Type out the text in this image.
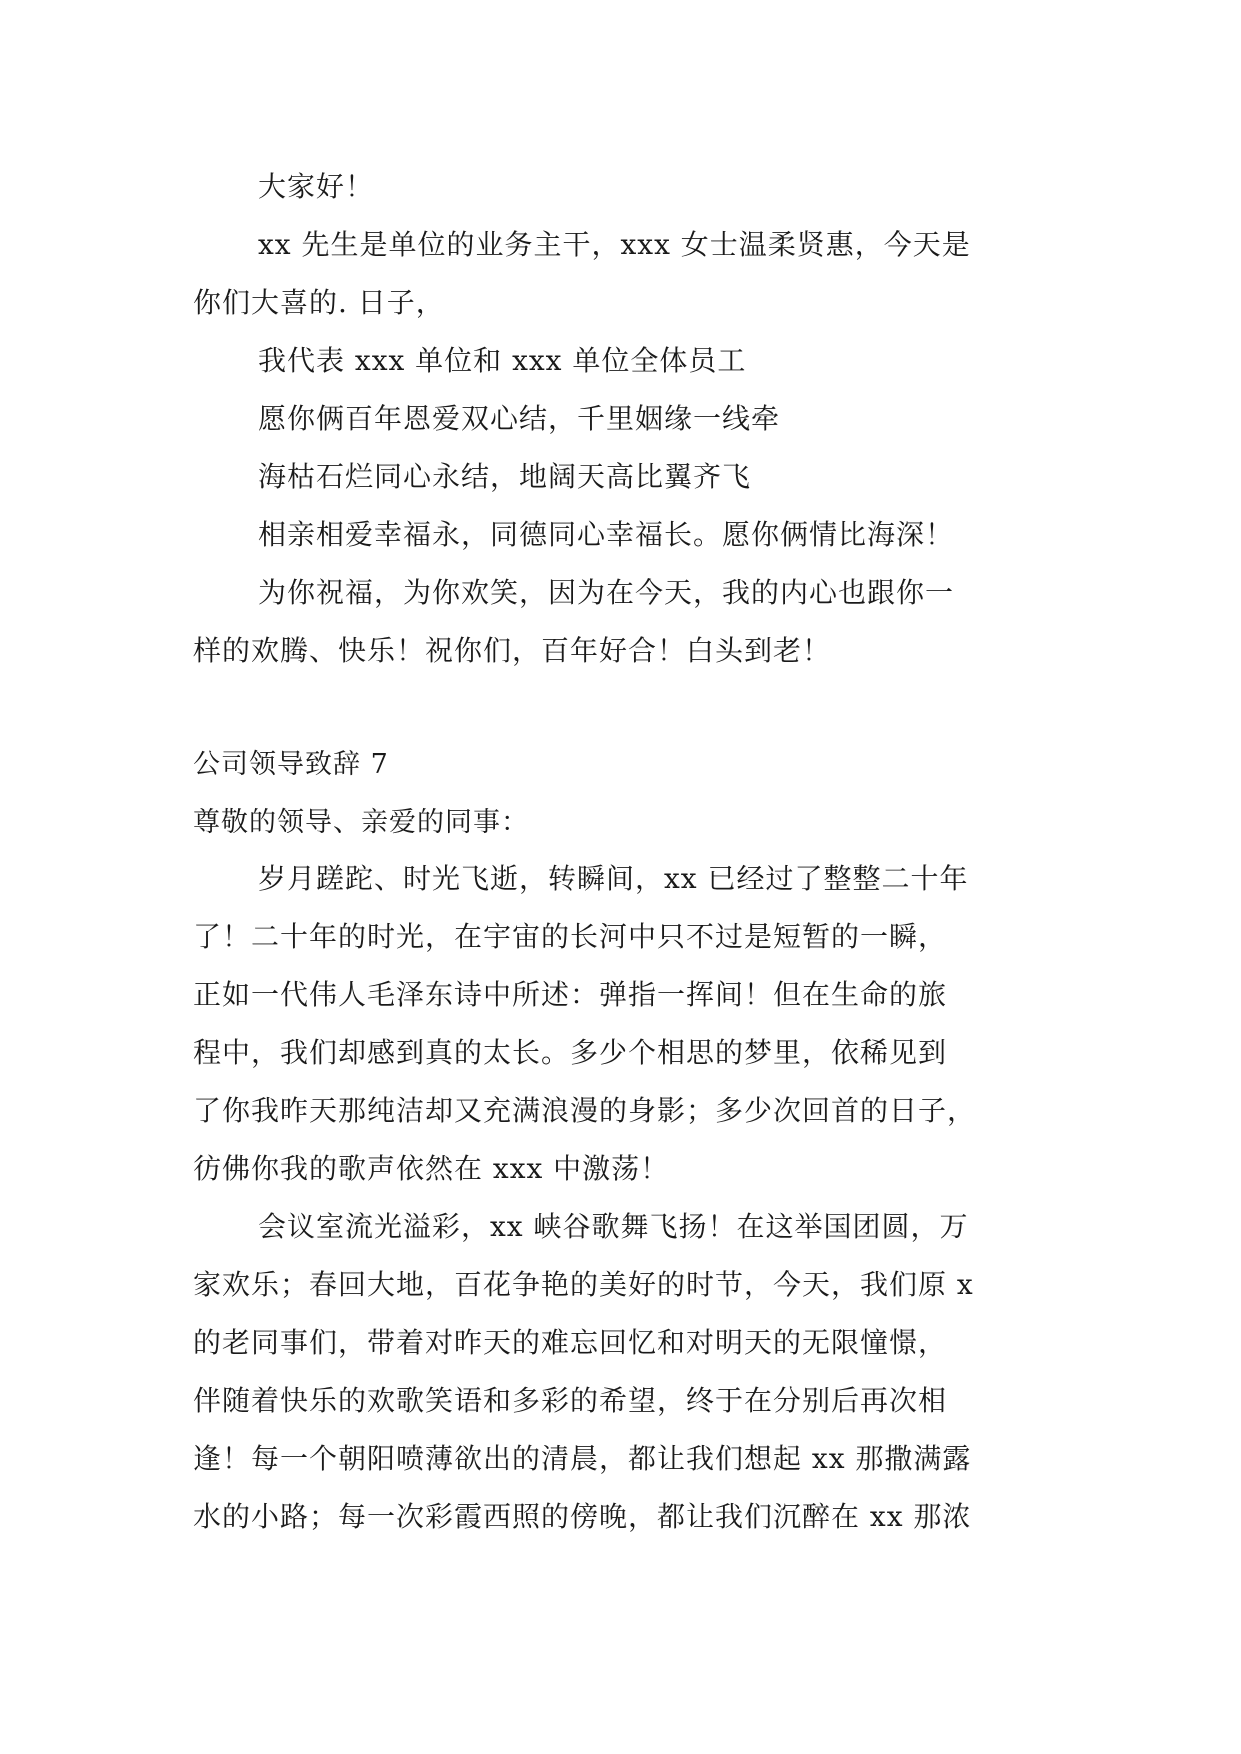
大家好！

xx 先生是单位的业务主干，xxx 女士温柔贤惠，今天是

你们大喜的. 日子，

我代表 xxx 单位和 xxx 单位全体员工

愿你俩百年恩爱双心结，千里姻缘一线牵

海枯石烂同心永结，地阔天高比翼齐飞

相亲相爱幸福永，同德同心幸福长。愿你俩情比海深！

为你祝福，为你欢笑，因为在今天，我的内心也跟你一

样的欢腾、快乐！祝你们，百年好合！白头到老！

公司领导致辞 7

尊敬的领导、亲爱的同事：

岁月蹉跎、时光飞逝，转瞬间，xx 已经过了整整二十年
了！二十年的时光，在宇宙的长河中只不过是短暂的一瞬，
正如一代伟人毛泽东诗中所述：弹指一挥间！但在生命的旅
程中，我们却感到真的太长。多少个相思的梦里，依稀见到
了你我昨天那纯洁却又充满浪漫的身影；多少次回首的日子，
彷佛你我的歌声依然在 xxx 中激荡！
会议室流光溢彩，xx 峡谷歌舞飞扬！在这举国团圆，万
家欢乐；春回大地，百花争艳的美好的时节，今天，我们原 x
的老同事们，带着对昨天的难忘回忆和对明天的无限憧憬，
伴随着快乐的欢歌笑语和多彩的希望，终于在分别后再次相
逢！每一个朝阳喷薄欲出的清晨，都让我们想起 xx 那撒满露
水的小路；每一次彩霞西照的傍晚，都让我们沉醉在 xx 那浓
